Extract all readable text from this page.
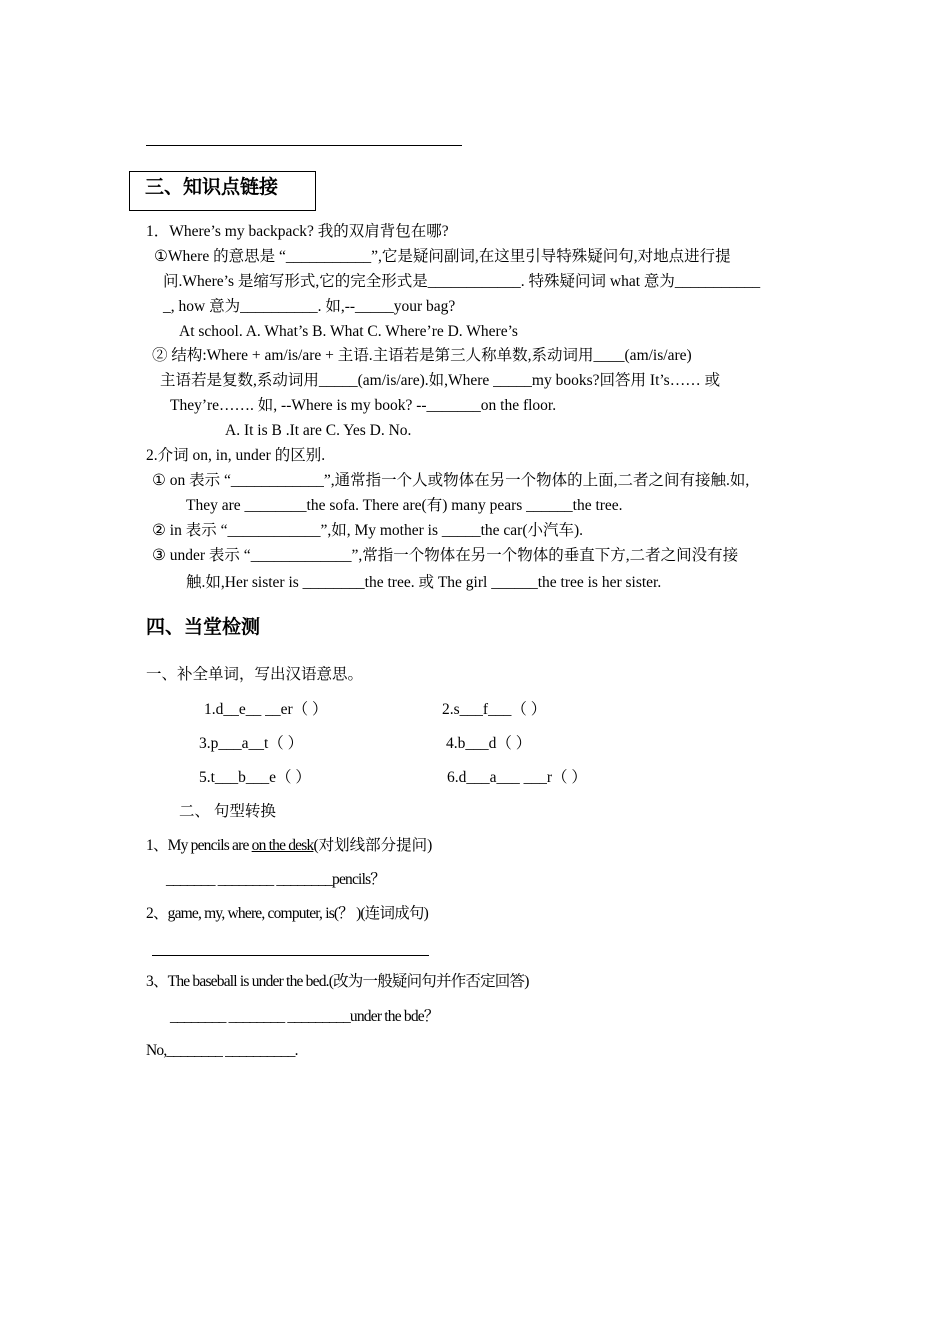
三、知识点链接
1．Where’s my backpack? 我的双肩背包在哪?
①Where 的意思是 “___________”,它是疑问副词,在这里引导特殊疑问句,对地点进行提
问.Where’s 是缩写形式,它的完全形式是____________. 特殊疑问词 what 意为___________
_, how 意为__________. 如,--_____your bag?
At school. A. What’s B. What C. Where’re D. Where’s
② 结构:Where + am/is/are + 主语.主语若是第三人称单数,系动词用____(am/is/are)
主语若是复数,系动词用_____(am/is/are).如,Where _____my books?回答用 It’s…… 或
They’re……. 如, --Where is my book? --_______on the floor.
A. It is B .It are C. Yes D. No.
2.介词 on, in, under 的区别.
① on 表示 “____________”,通常指一个人或物体在另一个物体的上面,二者之间有接触.如,
They are ________the sofa. There are(有) many pears ______the tree.
② in 表示 “____________”,如, My mother is _____the car(小汽车).
③ under 表示 “_____________”,常指一个物体在另一个物体的垂直下方,二者之间没有接
触.如,Her sister is ________the tree. 或 The girl ______the tree is her sister.
四、当堂检测
一、补全单词，写出汉语意思。
1.d__e__ __er（ ）	2.s___f___（ ）
3.p___a__t（ ）	4.b___d（ ）
5.t___b___e（ ）	6.d___a___ ___r（ ）
二、 句型转换
1、My pencils are on the desk(对划线部分提问)
_______ ________ ________pencils？
2、game, my, where, computer, is(？ )(连词成句)
3、The baseball is under the bed.(改为一般疑问句并作否定回答)
________ ________ _________under the bde？
No,________ __________.
